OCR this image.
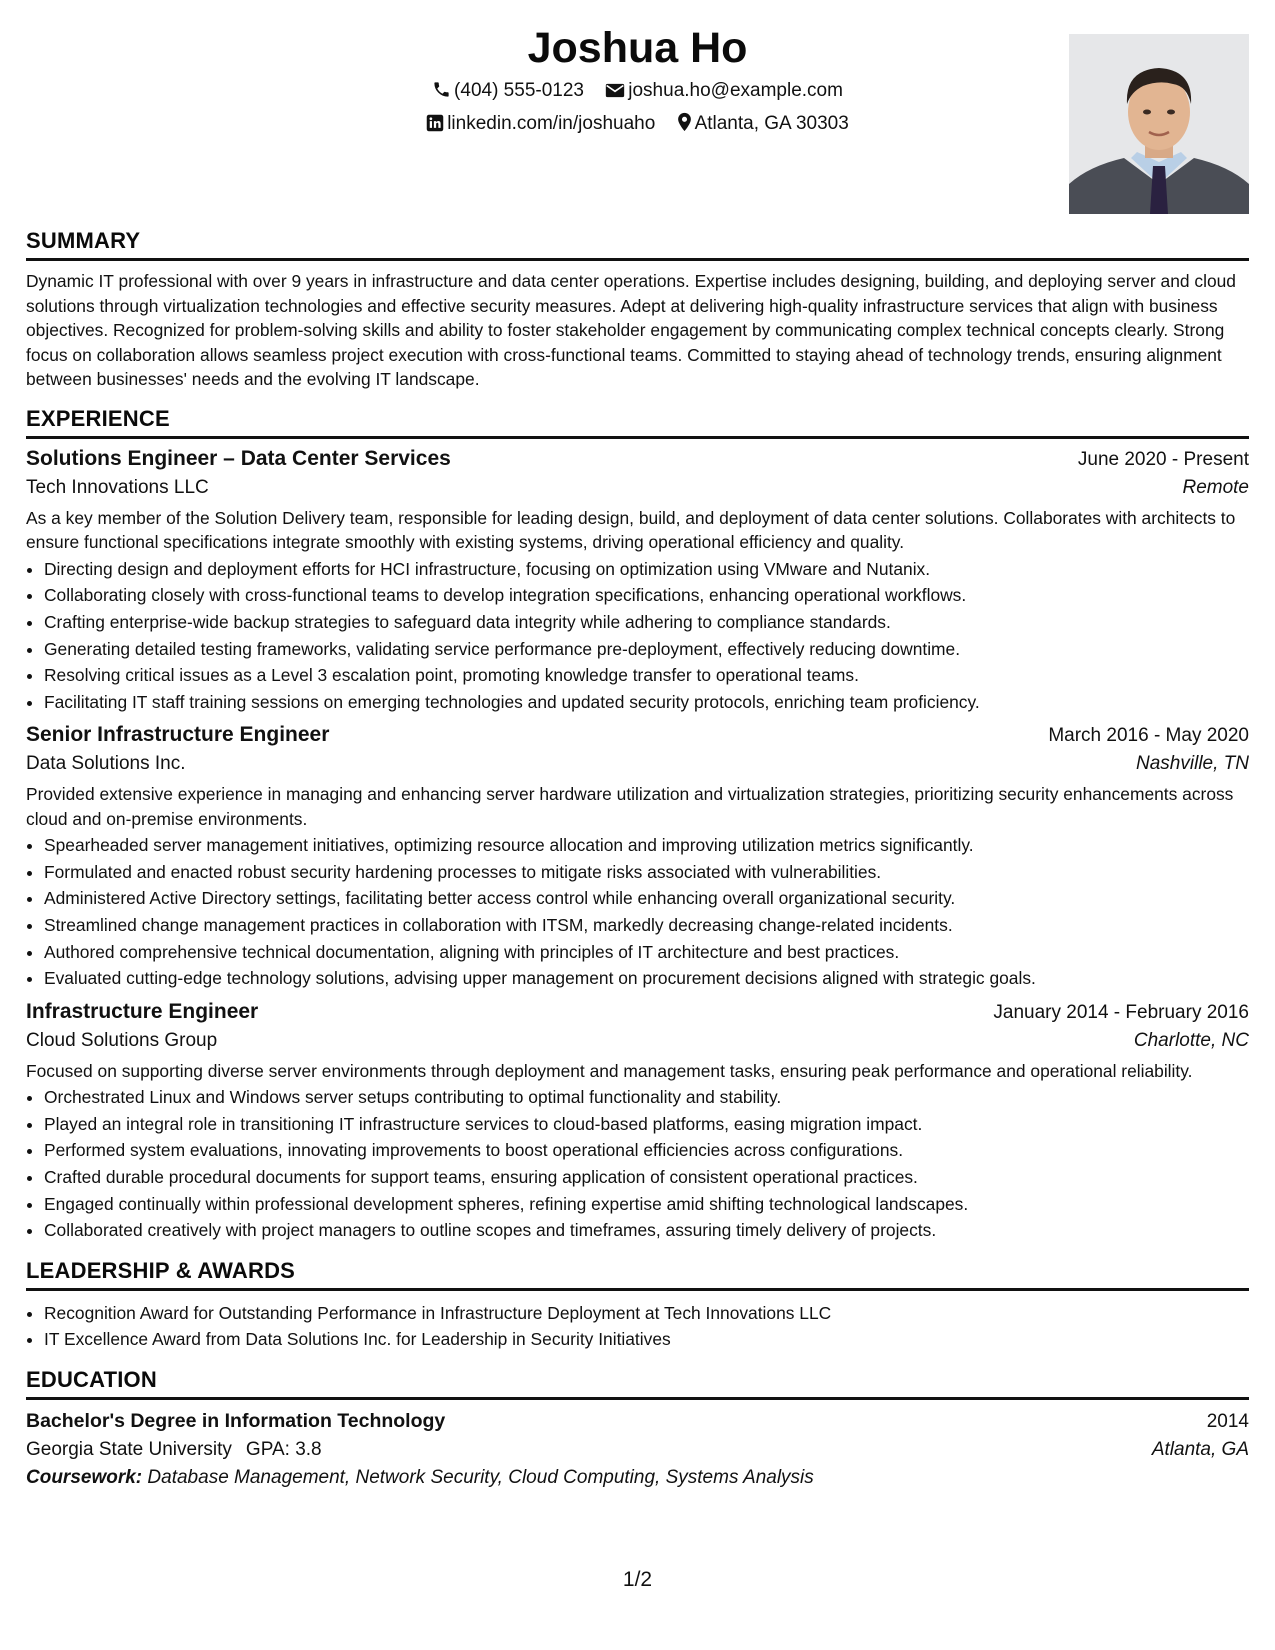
Joshua Ho
(404) 555-0123 joshua.ho@example.com
linkedin.com/in/joshuaho Atlanta, GA 30303
SUMMARY
Dynamic IT professional with over 9 years in infrastructure and data center operations. Expertise includes designing, building, and deploying server and cloud solutions through virtualization technologies and effective security measures. Adept at delivering high-quality infrastructure services that align with business objectives. Recognized for problem-solving skills and ability to foster stakeholder engagement by communicating complex technical concepts clearly. Strong focus on collaboration allows seamless project execution with cross-functional teams. Committed to staying ahead of technology trends, ensuring alignment between businesses' needs and the evolving IT landscape.
EXPERIENCE
Solutions Engineer – Data Center Services	June 2020 - Present
Tech Innovations LLC	Remote
As a key member of the Solution Delivery team, responsible for leading design, build, and deployment of data center solutions. Collaborates with architects to ensure functional specifications integrate smoothly with existing systems, driving operational efficiency and quality.
• Directing design and deployment efforts for HCI infrastructure, focusing on optimization using VMware and Nutanix.
• Collaborating closely with cross-functional teams to develop integration specifications, enhancing operational workflows.
• Crafting enterprise-wide backup strategies to safeguard data integrity while adhering to compliance standards.
• Generating detailed testing frameworks, validating service performance pre-deployment, effectively reducing downtime.
• Resolving critical issues as a Level 3 escalation point, promoting knowledge transfer to operational teams.
• Facilitating IT staff training sessions on emerging technologies and updated security protocols, enriching team proficiency.
Senior Infrastructure Engineer	March 2016 - May 2020
Data Solutions Inc.	Nashville, TN
Provided extensive experience in managing and enhancing server hardware utilization and virtualization strategies, prioritizing security enhancements across cloud and on-premise environments.
• Spearheaded server management initiatives, optimizing resource allocation and improving utilization metrics significantly.
• Formulated and enacted robust security hardening processes to mitigate risks associated with vulnerabilities.
• Administered Active Directory settings, facilitating better access control while enhancing overall organizational security.
• Streamlined change management practices in collaboration with ITSM, markedly decreasing change-related incidents.
• Authored comprehensive technical documentation, aligning with principles of IT architecture and best practices.
• Evaluated cutting-edge technology solutions, advising upper management on procurement decisions aligned with strategic goals.
Infrastructure Engineer	January 2014 - February 2016
Cloud Solutions Group	Charlotte, NC
Focused on supporting diverse server environments through deployment and management tasks, ensuring peak performance and operational reliability.
• Orchestrated Linux and Windows server setups contributing to optimal functionality and stability.
• Played an integral role in transitioning IT infrastructure services to cloud-based platforms, easing migration impact.
• Performed system evaluations, innovating improvements to boost operational efficiencies across configurations.
• Crafted durable procedural documents for support teams, ensuring application of consistent operational practices.
• Engaged continually within professional development spheres, refining expertise amid shifting technological landscapes.
• Collaborated creatively with project managers to outline scopes and timeframes, assuring timely delivery of projects.
LEADERSHIP & AWARDS
• Recognition Award for Outstanding Performance in Infrastructure Deployment at Tech Innovations LLC
• IT Excellence Award from Data Solutions Inc. for Leadership in Security Initiatives
EDUCATION
Bachelor's Degree in Information Technology	2014
Georgia State University GPA: 3.8	Atlanta, GA
Coursework: Database Management, Network Security, Cloud Computing, Systems Analysis
1/2
